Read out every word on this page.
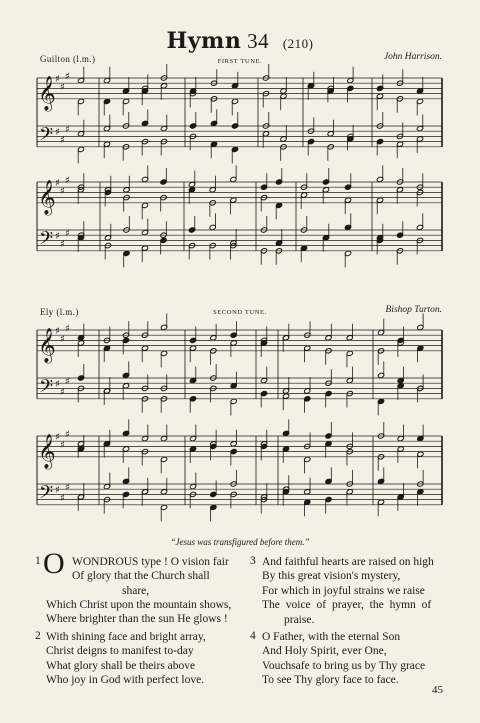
Hymn 34 (210)
Guilton (l.m.)	FIRST TUNE.	John Harrison.
Ely (l.m.)	SECOND TUNE.	Bishop Turton.
𝄞
𝄢
♯
♯
♯
♯
♯
♯
𝄞
𝄢
♯
♯
♯
♯
♯
♯
𝄞
𝄢
♯
♯
♯
♯
♯
♯
𝄞
𝄢
♯
♯
♯
♯
♯
♯
“Jesus was transfigured before them.”
1 O WONDROUS type ! O vision fair
Of glory that the Church shall
share,
Which Christ upon the mountain shows,
Where brighter than the sun He glows !
2 With shining face and bright array,
Christ deigns to manifest to-day
What glory shall be theirs above
Who joy in God with perfect love.
3 And faithful hearts are raised on high
By this great vision's mystery,
For which in joyful strains we raise
The voice of prayer, the hymn of
praise.
4 O Father, with the eternal Son
And Holy Spirit, ever One,
Vouchsafe to bring us by Thy grace
To see Thy glory face to face.
45
